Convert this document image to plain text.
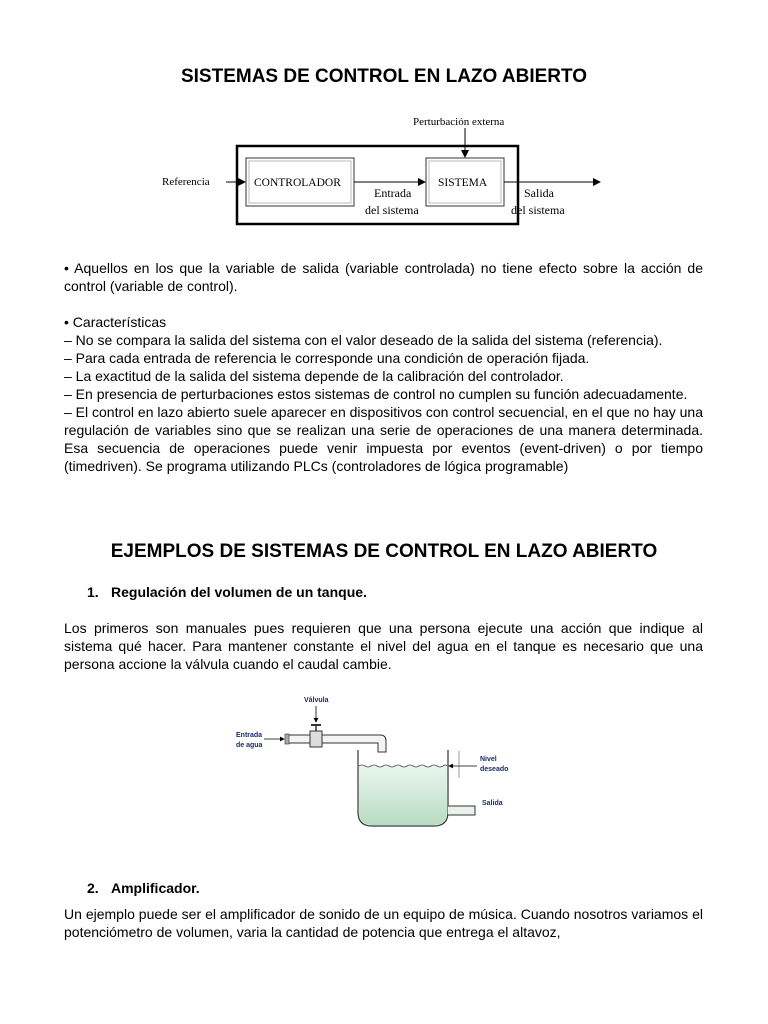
SISTEMAS DE CONTROL EN LAZO ABIERTO
Perturbación externa
Referencia	CONTROLADOR	SISTEMA
Entrada
del sistema
Salida
del sistema

• Aquellos en los que la variable de salida (variable controlada) no tiene efecto sobre la acción de control (variable de control).

• Características

– No se compara la salida del sistema con el valor deseado de la salida del sistema (referencia).

– Para cada entrada de referencia le corresponde una condición de operación fijada.

– La exactitud de la salida del sistema depende de la calibración del controlador.

– En presencia de perturbaciones estos sistemas de control no cumplen su función adecuadamente.

– El control en lazo abierto suele aparecer en dispositivos con control secuencial, en el que no hay una regulación de variables sino que se realizan una serie de operaciones de una manera determinada. Esa secuencia de operaciones puede venir impuesta por eventos (event-driven) o por tiempo (timedriven). Se programa utilizando PLCs (controladores de lógica programable)

EJEMPLOS DE SISTEMAS DE CONTROL EN LAZO ABIERTO
1. Regulación del volumen de un tanque.

Los primeros son manuales pues requieren que una persona ejecute una acción que indique al sistema qué hacer. Para mantener constante el nivel del agua en el tanque es necesario que una persona accione la válvula cuando el caudal cambie.

Válvula
Entrada
de agua
Nivel
deseado
Salida
2. Amplificador.

Un ejemplo puede ser el amplificador de sonido de un equipo de música. Cuando nosotros variamos el potenciómetro de volumen, varia la cantidad de potencia que entrega el altavoz,
